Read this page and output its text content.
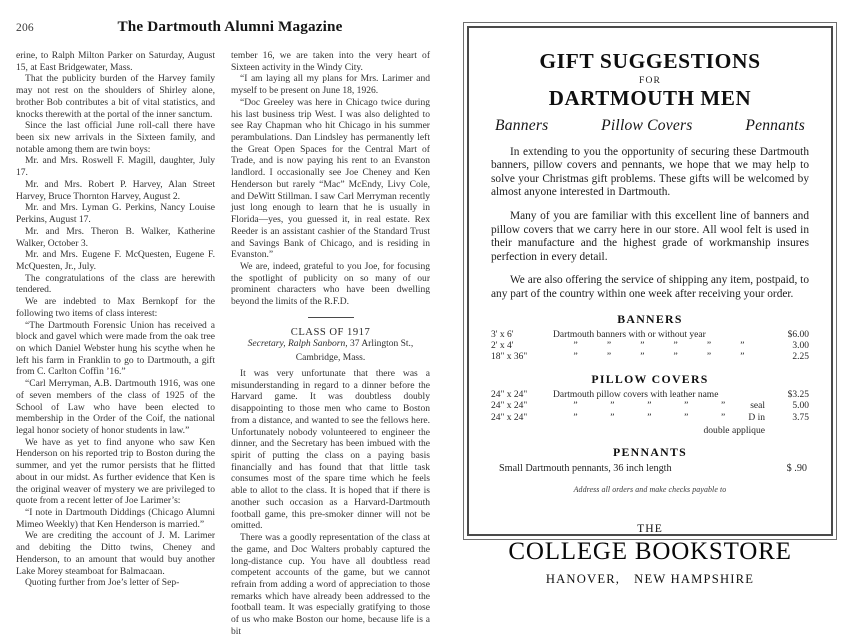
206	The Dartmouth Alumni Magazine

erine, to Ralph Milton Parker on Saturday, August 15, at East Bridgewater, Mass.

That the publicity burden of the Harvey family may not rest on the shoulders of Shirley alone, brother Bob contributes a bit of vital statistics, and knocks therewith at the portal of the inner sanctum.

Since the last official June roll-call there have been six new arrivals in the Sixteen family, and notable among them are twin boys:

Mr. and Mrs. Roswell F. Magill, daughter, July 17.

Mr. and Mrs. Robert P. Harvey, Alan Street Harvey, Bruce Thornton Harvey, August 2.

Mr. and Mrs. Lyman G. Perkins, Nancy Louise Perkins, August 17.

Mr. and Mrs. Theron B. Walker, Katherine Walker, October 3.

Mr. and Mrs. Eugene F. McQuesten, Eugene F. McQuesten, Jr., July.

The congratulations of the class are herewith tendered.

We are indebted to Max Bernkopf for the following two items of class interest:

“The Dartmouth Forensic Union has received a block and gavel which were made from the oak tree on which Daniel Webster hung his scythe when he left his farm in Franklin to go to Dartmouth, a gift from C. Carlton Coffin ’16.”

“Carl Merryman, A.B. Dartmouth 1916, was one of seven members of the class of 1925 of the School of Law who have been elected to membership in the Order of the Coif, the national legal honor society of honor students in law.”

We have as yet to find anyone who saw Ken Henderson on his reported trip to Boston during the summer, and yet the rumor persists that he flitted about in our midst. As further evidence that Ken is the original weaver of mystery we are privileged to quote from a recent letter of Joe Larimer’s:

“I note in Dartmouth Diddings (Chicago Alumni Mimeo Weekly) that Ken Henderson is married.”

We are crediting the account of J. M. Larimer and debiting the Ditto twins, Cheney and Henderson, to an amount that would buy another Lake Morey steamboat for Balmacaan.

Quoting further from Joe’s letter of Sep-

tember 16, we are taken into the very heart of Sixteen activity in the Windy City.

“I am laying all my plans for Mrs. Larimer and myself to be present on June 18, 1926.

“Doc Greeley was here in Chicago twice during his last business trip West. I was also delighted to see Ray Chapman who hit Chicago in his summer perambulations. Dan Lindsley has permanently left the Great Open Spaces for the Central Mart of Trade, and is now paying his rent to an Evanston landlord. I occasionally see Joe Cheney and Ken Henderson but rarely “Mac” McEndy, Livy Cole, and DeWitt Stillman. I saw Carl Merryman recently just long enough to learn that he is usually in Florida—yes, you guessed it, in real estate. Rex Reeder is an assistant cashier of the Standard Trust and Savings Bank of Chicago, and is residing in Evanston.”

We are, indeed, grateful to you Joe, for focusing the spotlight of publicity on so many of our prominent characters who have been dwelling beyond the limits of the R.F.D.

CLASS OF 1917
Secretary, Ralph Sanborn, 37 Arlington St.,
Cambridge, Mass.

It was very unfortunate that there was a misunderstanding in regard to a dinner before the Harvard game. It was doubtless doubly disappointing to those men who came to Boston from a distance, and wanted to see the fellows here. Unfortunately nobody volunteered to engineer the dinner, and the Secretary has been imbued with the spirit of putting the class on a paying basis financially and has found that that little task consumes most of the spare time which he feels able to allot to the class. It is hoped that if there is another such occasion as a Harvard-Dartmouth football game, this pre-smoker dinner will not be omitted.

There was a goodly representation of the class at the game, and Doc Walters probably captured the long-distance cup. You have all doubtless read competent accounts of the game, but we cannot refrain from adding a word of appreciation to those remarks which have already been addressed to the football team. It was especially gratifying to those of us who make Boston our home, because life is a bit

GIFT SUGGESTIONS
FOR
DARTMOUTH MEN
Banners	Pillow Covers	Pennants

In extending to you the opportunity of securing these Dartmouth banners, pillow covers and pennants, we hope that we may help to solve your Christmas gift problems. These gifts will be welcomed by almost anyone interested in Dartmouth.

Many of you are familiar with this excellent line of banners and pillow covers that we carry here in our store. All wool felt is used in their manufacture and the highest grade of workmanship insures perfection in every detail.

We are also offering the service of shipping any item, postpaid, to any part of the country within one week after receiving your order.

BANNERS
3' x 6'	Dartmouth banners with or without year	$6.00
2' x 4'	”	”	”	”	”	”	3.00
18" x 36"	”	”	”	”	”	”	2.25
PILLOW COVERS
24" x 24"	Dartmouth pillow covers with leather name		$3.25
24" x 24"	” ” ” ” ”	seal	5.00
24" x 24"	” ” ” ” ”	D in	3.75
double applique
PENNANTS
Small Dartmouth pennants, 36 inch length	$ .90
Address all orders and make checks payable to
THE
COLLEGE BOOKSTORE
HANOVER, NEW HAMPSHIRE
